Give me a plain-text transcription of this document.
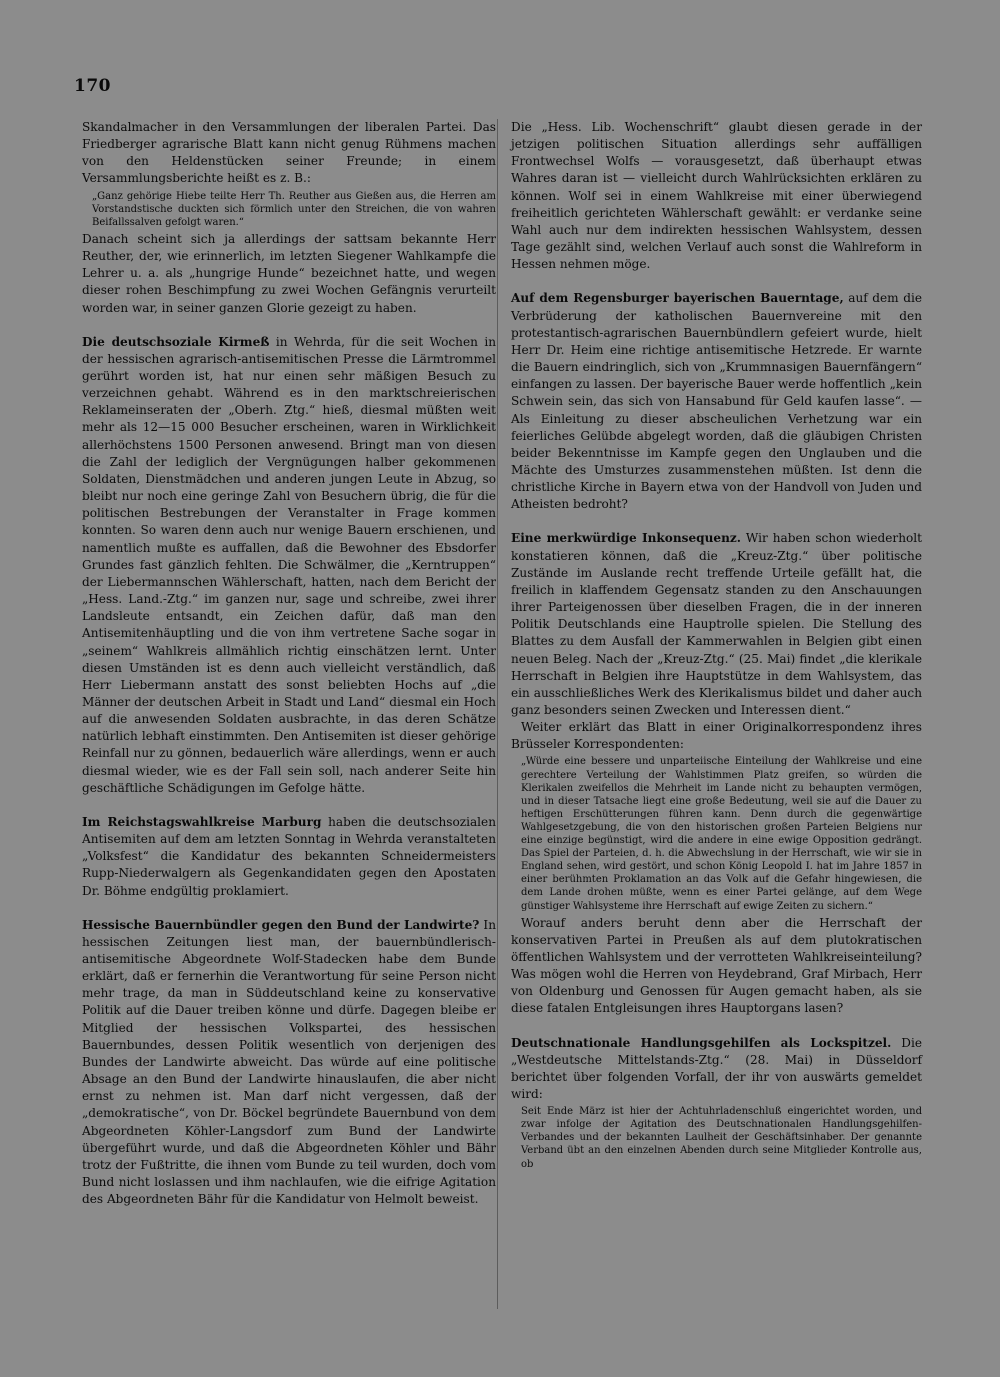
170

Skandalmacher in den Versammlungen der liberalen Partei. Das Friedberger agrarische Blatt kann nicht genug Rühmens machen von den Heldenstücken seiner Freunde; in einem Versammlungsberichte heißt es z. B.:

„Ganz gehörige Hiebe teilte Herr Th. Reuther aus Gießen aus, die Herren am Vorstandstische duckten sich förmlich unter den Streichen, die von wahren Beifallssalven gefolgt waren.“

Danach scheint sich ja allerdings der sattsam bekannte Herr Reuther, der, wie erinnerlich, im letzten Siegener Wahlkampfe die Lehrer u. a. als „hungrige Hunde“ bezeichnet hatte, und wegen dieser rohen Beschimpfung zu zwei Wochen Gefängnis verurteilt worden war, in seiner ganzen Glorie gezeigt zu haben.

Die deutschsoziale Kirmeß in Wehrda, für die seit Wochen in der hessischen agrarisch-antisemitischen Presse die Lärmtrommel gerührt worden ist, hat nur einen sehr mäßigen Besuch zu verzeichnen gehabt. Während es in den marktschreierischen Reklameinseraten der „Oberh. Ztg.“ hieß, diesmal müßten weit mehr als 12—15 000 Besucher erscheinen, waren in Wirklichkeit allerhöchstens 1500 Personen anwesend. Bringt man von diesen die Zahl der lediglich der Vergnügungen halber gekommenen Soldaten, Dienstmädchen und anderen jungen Leute in Abzug, so bleibt nur noch eine geringe Zahl von Besuchern übrig, die für die politischen Bestrebungen der Veranstalter in Frage kommen konnten. So waren denn auch nur wenige Bauern erschienen, und namentlich mußte es auffallen, daß die Bewohner des Ebsdorfer Grundes fast gänzlich fehlten. Die Schwälmer, die „Kerntruppen“ der Liebermannschen Wählerschaft, hatten, nach dem Bericht der „Hess. Land.-Ztg.“ im ganzen nur, sage und schreibe, zwei ihrer Landsleute entsandt, ein Zeichen dafür, daß man den Antisemitenhäuptling und die von ihm vertretene Sache sogar in „seinem“ Wahlkreis allmählich richtig einschätzen lernt. Unter diesen Umständen ist es denn auch vielleicht verständlich, daß Herr Liebermann anstatt des sonst beliebten Hochs auf „die Männer der deutschen Arbeit in Stadt und Land“ diesmal ein Hoch auf die anwesenden Soldaten ausbrachte, in das deren Schätze natürlich lebhaft einstimmten. Den Antisemiten ist dieser gehörige Reinfall nur zu gönnen, bedauerlich wäre allerdings, wenn er auch diesmal wieder, wie es der Fall sein soll, nach anderer Seite hin geschäftliche Schädigungen im Gefolge hätte.

Im Reichstagswahlkreise Marburg haben die deutschsozialen Antisemiten auf dem am letzten Sonntag in Wehrda veranstalteten „Volksfest“ die Kandidatur des bekannten Schneidermeisters Rupp-Niederwalgern als Gegenkandidaten gegen den Apostaten Dr. Böhme endgültig proklamiert.

Hessische Bauernbündler gegen den Bund der Landwirte? In hessischen Zeitungen liest man, der bauernbündlerisch-antisemitische Abgeordnete Wolf-Stadecken habe dem Bunde erklärt, daß er fernerhin die Verantwortung für seine Person nicht mehr trage, da man in Süddeutschland keine zu konservative Politik auf die Dauer treiben könne und dürfe. Dagegen bleibe er Mitglied der hessischen Volkspartei, des hessischen Bauernbundes, dessen Politik wesentlich von derjenigen des Bundes der Landwirte abweicht. Das würde auf eine politische Absage an den Bund der Landwirte hinauslaufen, die aber nicht ernst zu nehmen ist. Man darf nicht vergessen, daß der „demokratische“, von Dr. Böckel begründete Bauernbund von dem Abgeordneten Köhler-Langsdorf zum Bund der Landwirte übergeführt wurde, und daß die Abgeordneten Köhler und Bähr trotz der Fußtritte, die ihnen vom Bunde zu teil wurden, doch vom Bund nicht loslassen und ihm nachlaufen, wie die eifrige Agitation des Abgeordneten Bähr für die Kandidatur von Helmolt beweist.

Die „Hess. Lib. Wochenschrift“ glaubt diesen gerade in der jetzigen politischen Situation allerdings sehr auffälligen Frontwechsel Wolfs — vorausgesetzt, daß überhaupt etwas Wahres daran ist — vielleicht durch Wahlrücksichten erklären zu können. Wolf sei in einem Wahlkreise mit einer überwiegend freiheitlich gerichteten Wählerschaft gewählt: er verdanke seine Wahl auch nur dem indirekten hessischen Wahlsystem, dessen Tage gezählt sind, welchen Verlauf auch sonst die Wahlreform in Hessen nehmen möge.

Auf dem Regensburger bayerischen Bauerntage, auf dem die Verbrüderung der katholischen Bauernvereine mit den protestantisch-agrarischen Bauernbündlern gefeiert wurde, hielt Herr Dr. Heim eine richtige antisemitische Hetzrede. Er warnte die Bauern eindringlich, sich von „Krummnasigen Bauernfängern“ einfangen zu lassen. Der bayerische Bauer werde hoffentlich „kein Schwein sein, das sich von Hansabund für Geld kaufen lasse“. — Als Einleitung zu dieser abscheulichen Verhetzung war ein feierliches Gelübde abgelegt worden, daß die gläubigen Christen beider Bekenntnisse im Kampfe gegen den Unglauben und die Mächte des Umsturzes zusammenstehen müßten. Ist denn die christliche Kirche in Bayern etwa von der Handvoll von Juden und Atheisten bedroht?

Eine merkwürdige Inkonsequenz. Wir haben schon wiederholt konstatieren können, daß die „Kreuz-Ztg.“ über politische Zustände im Auslande recht treffende Urteile gefällt hat, die freilich in klaffendem Gegensatz standen zu den Anschauungen ihrer Parteigenossen über dieselben Fragen, die in der inneren Politik Deutschlands eine Hauptrolle spielen. Die Stellung des Blattes zu dem Ausfall der Kammerwahlen in Belgien gibt einen neuen Beleg. Nach der „Kreuz-Ztg.“ (25. Mai) findet „die klerikale Herrschaft in Belgien ihre Hauptstütze in dem Wahlsystem, das ein ausschließliches Werk des Klerikalismus bildet und daher auch ganz besonders seinen Zwecken und Interessen dient.“

Weiter erklärt das Blatt in einer Originalkorrespondenz ihres Brüsseler Korrespondenten:

„Würde eine bessere und unparteiische Einteilung der Wahlkreise und eine gerechtere Verteilung der Wahlstimmen Platz greifen, so würden die Klerikalen zweifellos die Mehrheit im Lande nicht zu behaupten vermögen, und in dieser Tatsache liegt eine große Bedeutung, weil sie auf die Dauer zu heftigen Erschütterungen führen kann. Denn durch die gegenwärtige Wahlgesetzgebung, die von den historischen großen Parteien Belgiens nur eine einzige begünstigt, wird die andere in eine ewige Opposition gedrängt. Das Spiel der Parteien, d. h. die Abwechslung in der Herrschaft, wie wir sie in England sehen, wird gestört, und schon König Leopold I. hat im Jahre 1857 in einer berühmten Proklamation an das Volk auf die Gefahr hingewiesen, die dem Lande drohen müßte, wenn es einer Partei gelänge, auf dem Wege günstiger Wahlsysteme ihre Herrschaft auf ewige Zeiten zu sichern.“

Worauf anders beruht denn aber die Herrschaft der konservativen Partei in Preußen als auf dem plutokratischen öffentlichen Wahlsystem und der verrotteten Wahlkreiseinteilung? Was mögen wohl die Herren von Heydebrand, Graf Mirbach, Herr von Oldenburg und Genossen für Augen gemacht haben, als sie diese fatalen Entgleisungen ihres Hauptorgans lasen?

Deutschnationale Handlungsgehilfen als Lockspitzel. Die „Westdeutsche Mittelstands-Ztg.“ (28. Mai) in Düsseldorf berichtet über folgenden Vorfall, der ihr von auswärts gemeldet wird:

Seit Ende März ist hier der Achtuhrladenschluß eingerichtet worden, und zwar infolge der Agitation des Deutschnationalen Handlungsgehilfen-Verbandes und der bekannten Laulheit der Geschäftsinhaber. Der genannte Verband übt an den einzelnen Abenden durch seine Mitglieder Kontrolle aus, ob
